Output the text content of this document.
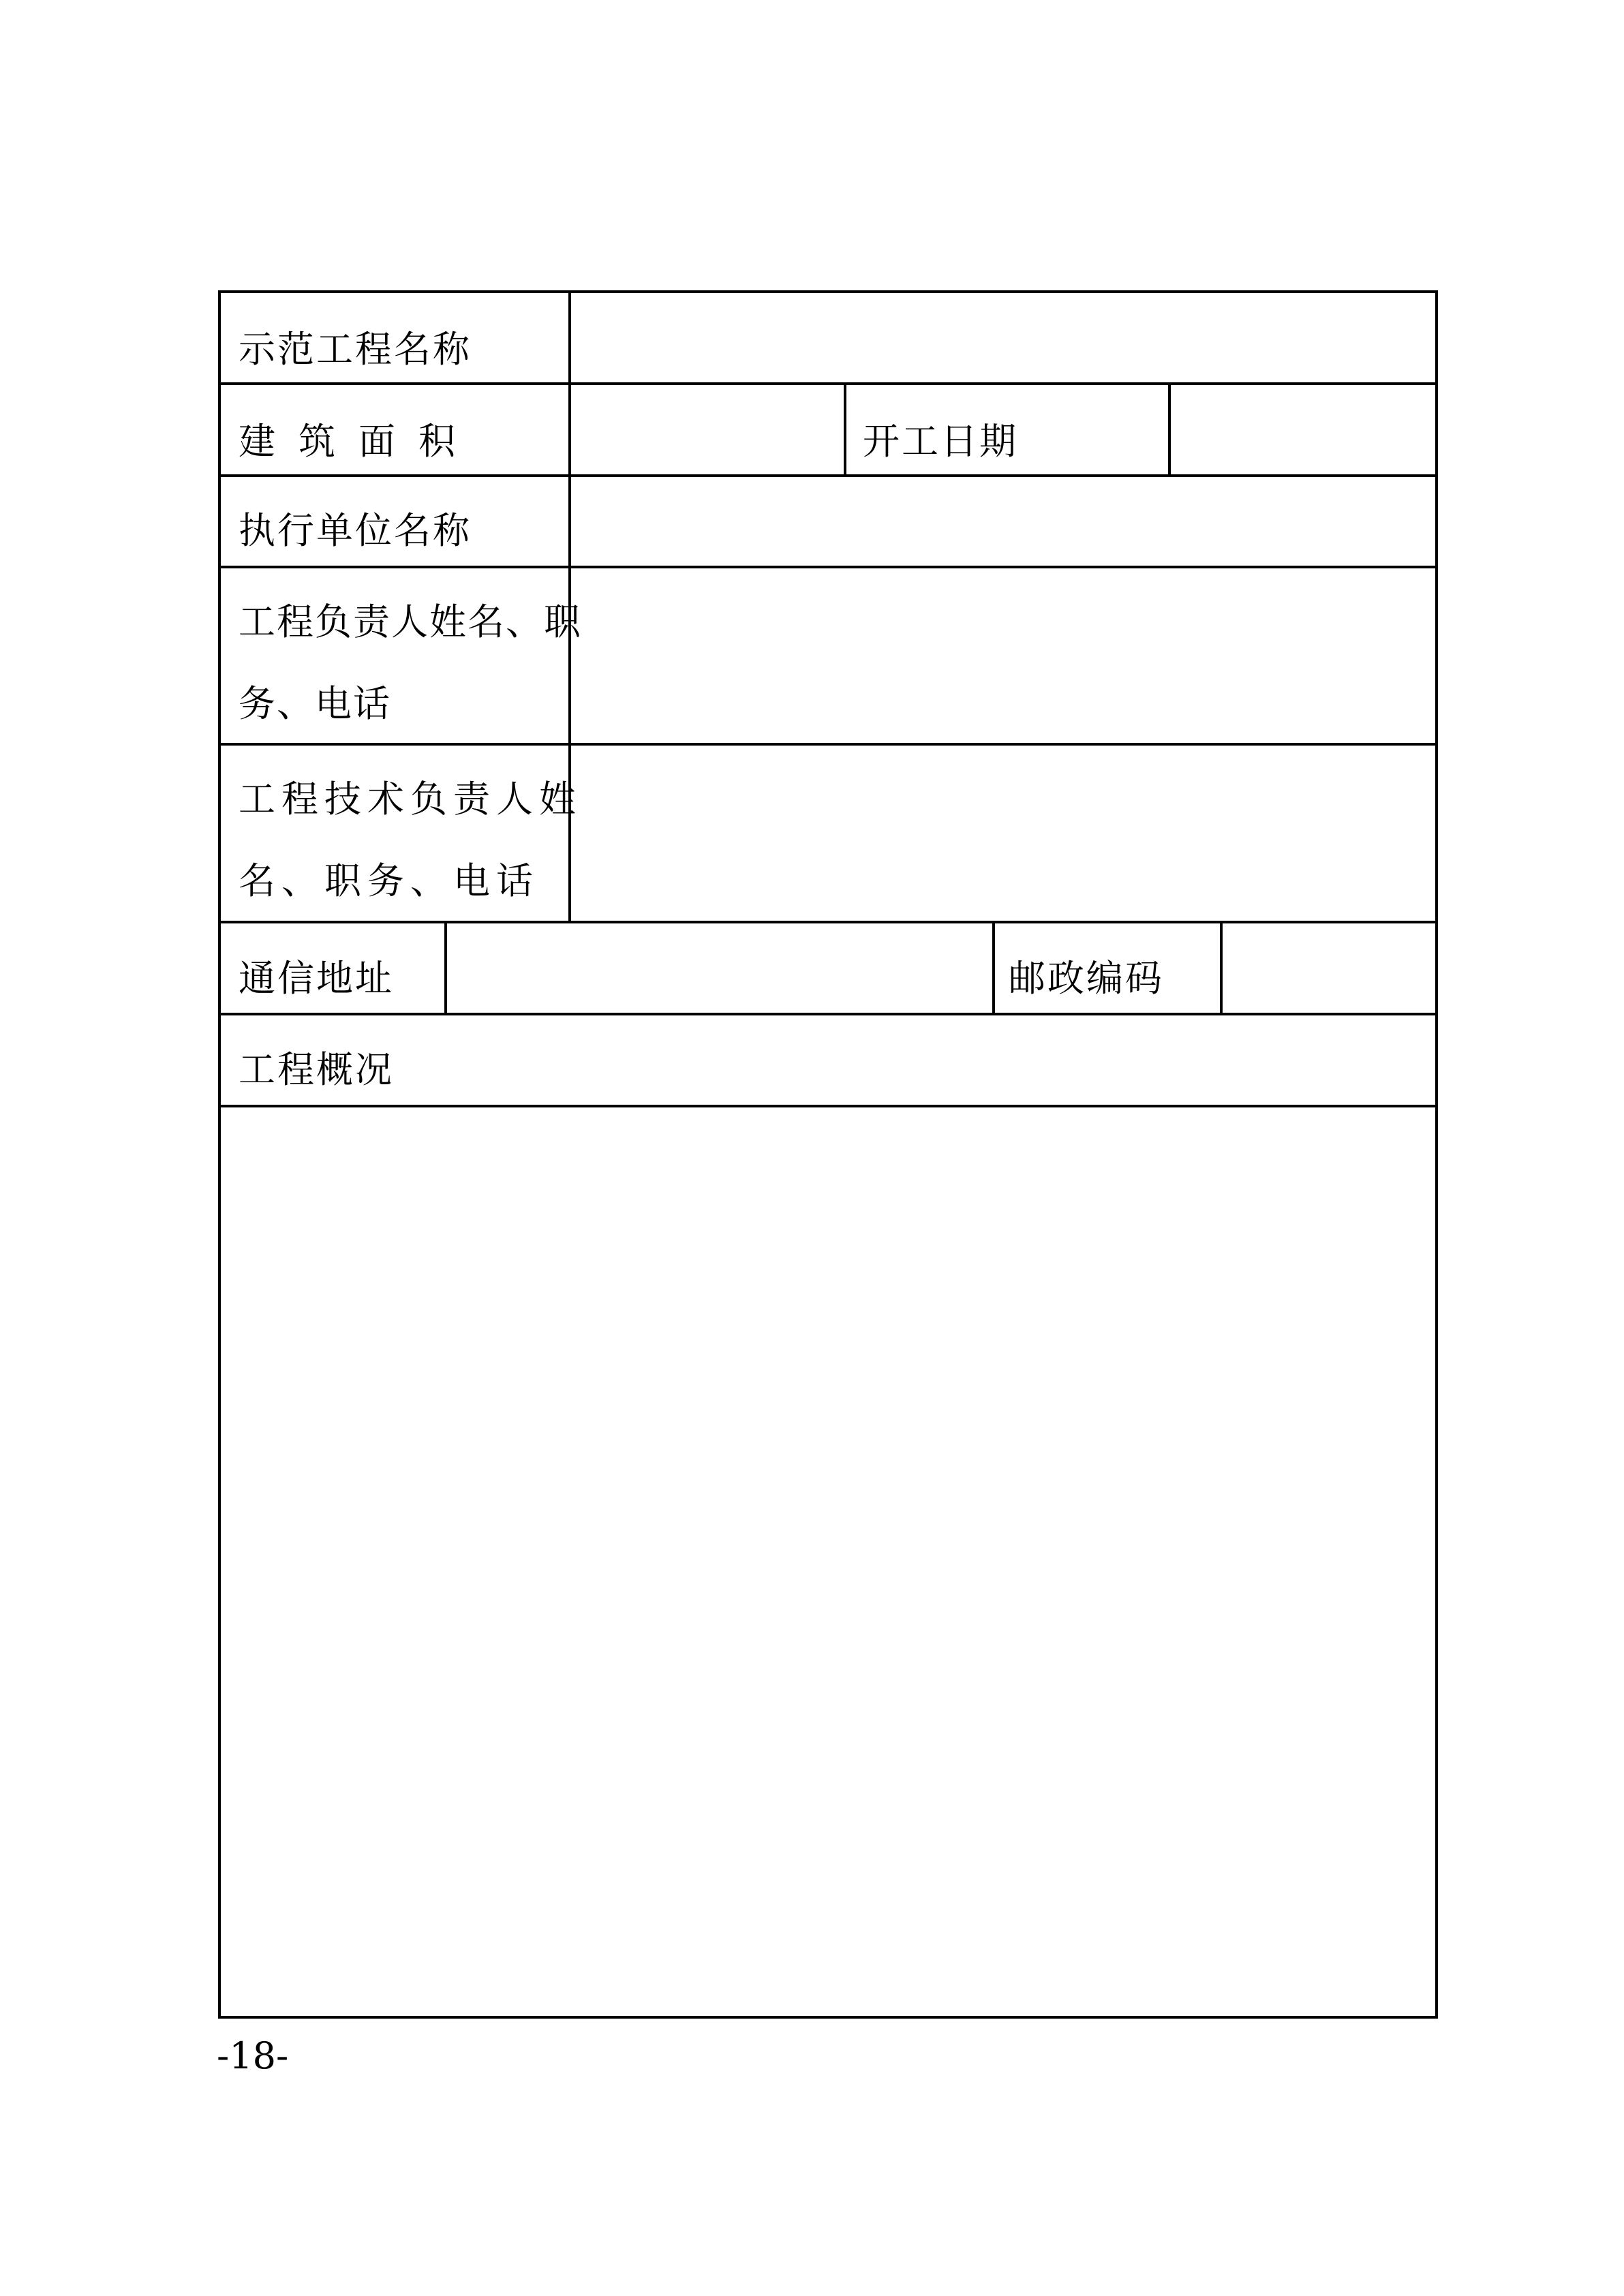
示范工程名称
建筑面积	开工日期
执行单位名称
工程负责人姓名、职
务、电话
工程技术负责人姓
名、职务、电话
通信地址	邮政编码
工程概况
-18-
